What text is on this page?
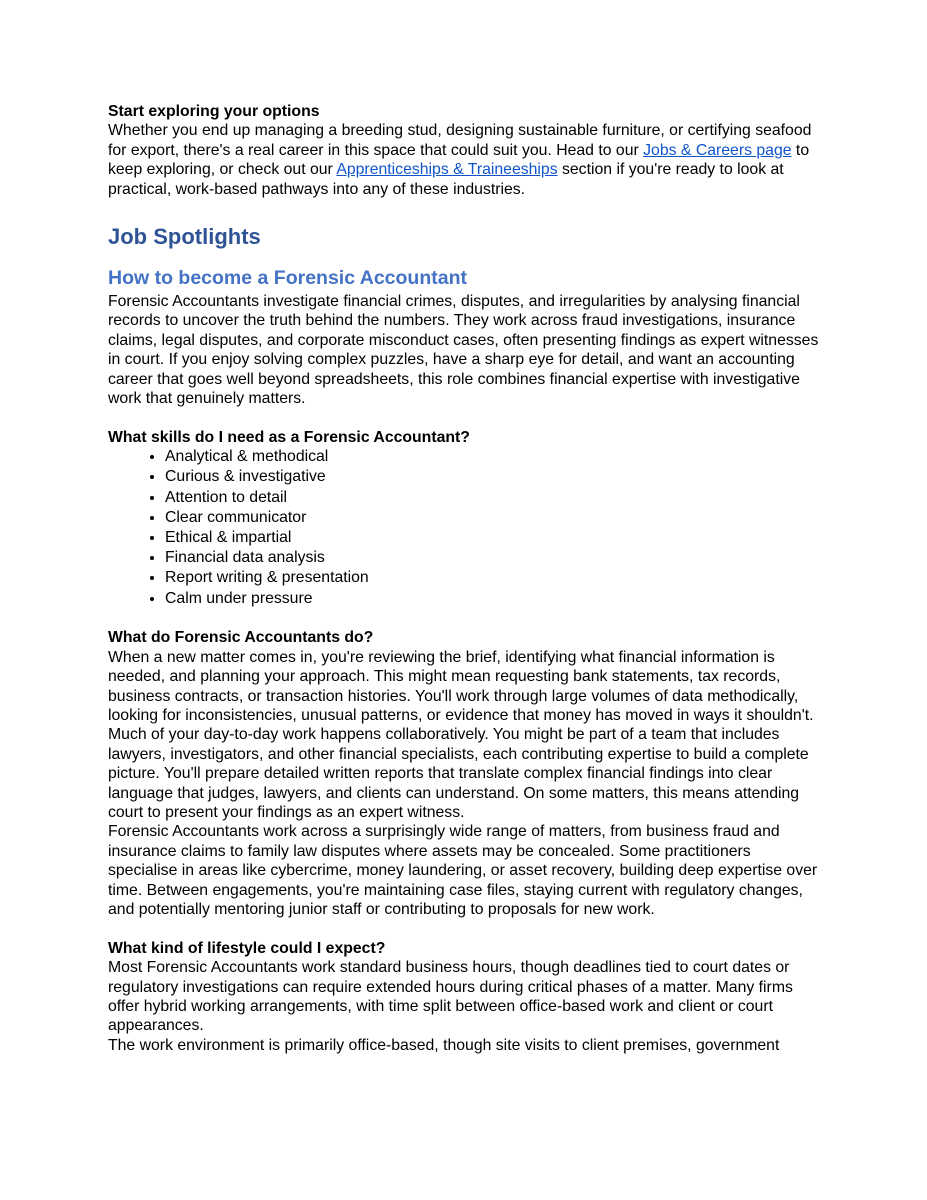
Start exploring your options

Whether you end up managing a breeding stud, designing sustainable furniture, or certifying seafood for export, there's a real career in this space that could suit you. Head to our Jobs & Careers page to keep exploring, or check out our Apprenticeships & Traineeships section if you're ready to look at practical, work-based pathways into any of these industries.

Job Spotlights
How to become a Forensic Accountant

Forensic Accountants investigate financial crimes, disputes, and irregularities by analysing financial records to uncover the truth behind the numbers. They work across fraud investigations, insurance claims, legal disputes, and corporate misconduct cases, often presenting findings as expert witnesses in court. If you enjoy solving complex puzzles, have a sharp eye for detail, and want an accounting career that goes well beyond spreadsheets, this role combines financial expertise with investigative work that genuinely matters.

What skills do I need as a Forensic Accountant?

• Analytical & methodical
• Curious & investigative
• Attention to detail
• Clear communicator
• Ethical & impartial
• Financial data analysis
• Report writing & presentation
• Calm under pressure

What do Forensic Accountants do?

When a new matter comes in, you're reviewing the brief, identifying what financial information is needed, and planning your approach. This might mean requesting bank statements, tax records, business contracts, or transaction histories. You'll work through large volumes of data methodically, looking for inconsistencies, unusual patterns, or evidence that money has moved in ways it shouldn't.

Much of your day-to-day work happens collaboratively. You might be part of a team that includes lawyers, investigators, and other financial specialists, each contributing expertise to build a complete picture. You'll prepare detailed written reports that translate complex financial findings into clear language that judges, lawyers, and clients can understand. On some matters, this means attending court to present your findings as an expert witness.

Forensic Accountants work across a surprisingly wide range of matters, from business fraud and insurance claims to family law disputes where assets may be concealed. Some practitioners specialise in areas like cybercrime, money laundering, or asset recovery, building deep expertise over time. Between engagements, you're maintaining case files, staying current with regulatory changes, and potentially mentoring junior staff or contributing to proposals for new work.

What kind of lifestyle could I expect?

Most Forensic Accountants work standard business hours, though deadlines tied to court dates or regulatory investigations can require extended hours during critical phases of a matter. Many firms offer hybrid working arrangements, with time split between office-based work and client or court appearances.

The work environment is primarily office-based, though site visits to client premises, government
